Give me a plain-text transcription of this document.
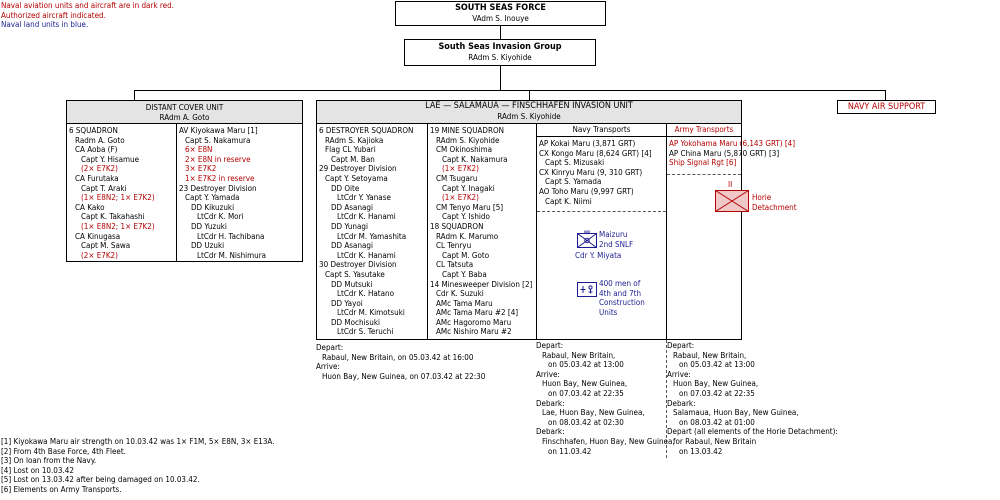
Naval aviation units and aircraft are in dark red.
Authorized aircraft indicated.
Naval land units in blue.
SOUTH SEAS FORCE
VAdm S. Inouye
South Seas Invasion Group
RAdm S. Kiyohide
DISTANT COVER UNIT
RAdm A. Goto
6 SQUADRON
Radm A. Goto
CA Aoba (F)
Capt Y. Hisamue
(2× E7K2)
CA Furutaka
Capt T. Araki
(1× E8N2; 1× E7K2)
CA Kako
Capt K. Takahashi
(1× E8N2; 1× E7K2)
CA Kinugasa
Capt M. Sawa
(2× E7K2)
AV Kiyokawa Maru [1]
Capt S. Nakamura
6× E8N
2× E8N in reserve
3× E7K2
1× E7K2 in reserve
23 Destroyer Division
Capt Y. Yamada
DD Kikuzuki
LtCdr K. Mori
DD Yuzuki
LtCdr H. Tachibana
DD Uzuki
LtCdr M. Nishimura
LAE — SALAMAUA — FINSCHHAFEN INVASION UNIT
RAdm S. Kiyohide
6 DESTROYER SQUADRON
RAdm S. Kajioka
Flag CL Yubari
Capt M. Ban
29 Destroyer Division
Capt Y. Setoyama
DD Oite
LtCdr Y. Yanase
DD Asanagi
LtCdr K. Hanami
DD Yunagi
LtCdr M. Yamashita
DD Asanagi
LtCdr K. Hanami
30 Destroyer Division
Capt S. Yasutake
DD Mutsuki
LtCdr K. Hatano
DD Yayoi
LtCdr M. Kimotsuki
DD Mochisuki
LtCdr S. Teruchi
19 MINE SQUADRON
RAdm S. Kiyohide
CM Okinoshima
Capt K. Nakamura
(1× E7K2)
CM Tsugaru
Capt Y. Inagaki
(1× E7K2)
CM Tenyo Maru [5]
Capt Y. Ishido
18 SQUADRON
RAdm K. Marumo
CL Tenryu
Capt M. Goto
CL Tatsuta
Capt Y. Baba
14 Minesweeper Division [2]
Cdr K. Suzuki
AMc Tama Maru
AMc Tama Maru #2 [4]
AMc Hagoromo Maru
AMc Nishiro Maru #2
Navy Transports
AP Kokai Maru (3,871 GRT)
CX Kongo Maru (8,624 GRT) [4]
Capt S. Mizusaki
CX Kinryu Maru (9, 310 GRT)
Capt S. Yamada
AO Toho Maru (9,997 GRT)
Capt K. Niimi
Maizuru
2nd SNLF
Cdr Y. Miyata
400 men of
4th and 7th
Construction
Units
Army Transports
AP Yokohama Maru (6,143 GRT) [4]
AP China Maru (5,870 GRT) [3]
Ship Signal Rgt [6]
II
Horie
Detachment
NAVY AIR SUPPORT
Depart:
Rabaul, New Britain, on 05.03.42 at 16:00
Arrive:
Huon Bay, New Guinea, on 07.03.42 at 22:30
Depart:
Rabaul, New Britain,
on 05.03.42 at 13:00
Arrive:
Huon Bay, New Guinea,
on 07.03.42 at 22:35
Debark:
Lae, Huon Bay, New Guinea,
on 08.03.42 at 02:30
Debark:
Finschhafen, Huon Bay, New Guinea,
on 11.03.42
Depart:
Rabaul, New Britain,
on 05.03.42 at 13:00
Arrive:
Huon Bay, New Guinea,
on 07.03.42 at 22:35
Debark:
Salamaua, Huon Bay, New Guinea,
on 08.03.42 at 01:00
Depart (all elements of the Horie Detachment):
for Rabaul, New Britain
on 13.03.42
[1] Kiyokawa Maru air strength on 10.03.42 was 1× F1M, 5× E8N, 3× E13A.
[2] From 4th Base Force, 4th Fleet.
[3] On loan from the Navy.
[4] Lost on 10.03.42
[5] Lost on 13.03.42 after being damaged on 10.03.42.
[6] Elements on Army Transports.
